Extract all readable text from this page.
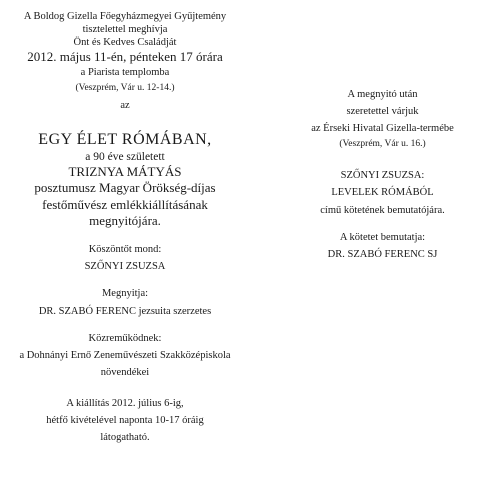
A Boldog Gizella Főegyházmegyei Gyűjtemény
tisztelettel meghívja
Önt és Kedves Családját
2012. május 11-én, pénteken 17 órára
a Piarista templomba
(Veszprém, Vár u. 12-14.)
az
EGY ÉLET RÓMÁBAN,
a 90 éve született
TRIZNYA MÁTYÁS
posztumusz Magyar Örökség-díjas
festőművész emlékkiállításának
megnyitójára.
Köszöntőt mond:
SZŐNYI ZSUZSA
Megnyitja:
DR. SZABÓ FERENC jezsuita szerzetes
Közreműködnek:
a Dohnányi Ernő Zeneművészeti Szakközépiskola
növendékei
A kiállítás 2012. július 6-ig,
hétfő kivételével naponta 10-17 óráig
látogatható.
A megnyitó után
szeretettel várjuk
az Érseki Hivatal Gizella-termébe
(Veszprém, Vár u. 16.)
SZŐNYI ZSUZSA:
LEVELEK RÓMÁBÓL
című kötetének bemutatójára.
A kötetet bemutatja:
DR. SZABÓ FERENC SJ
